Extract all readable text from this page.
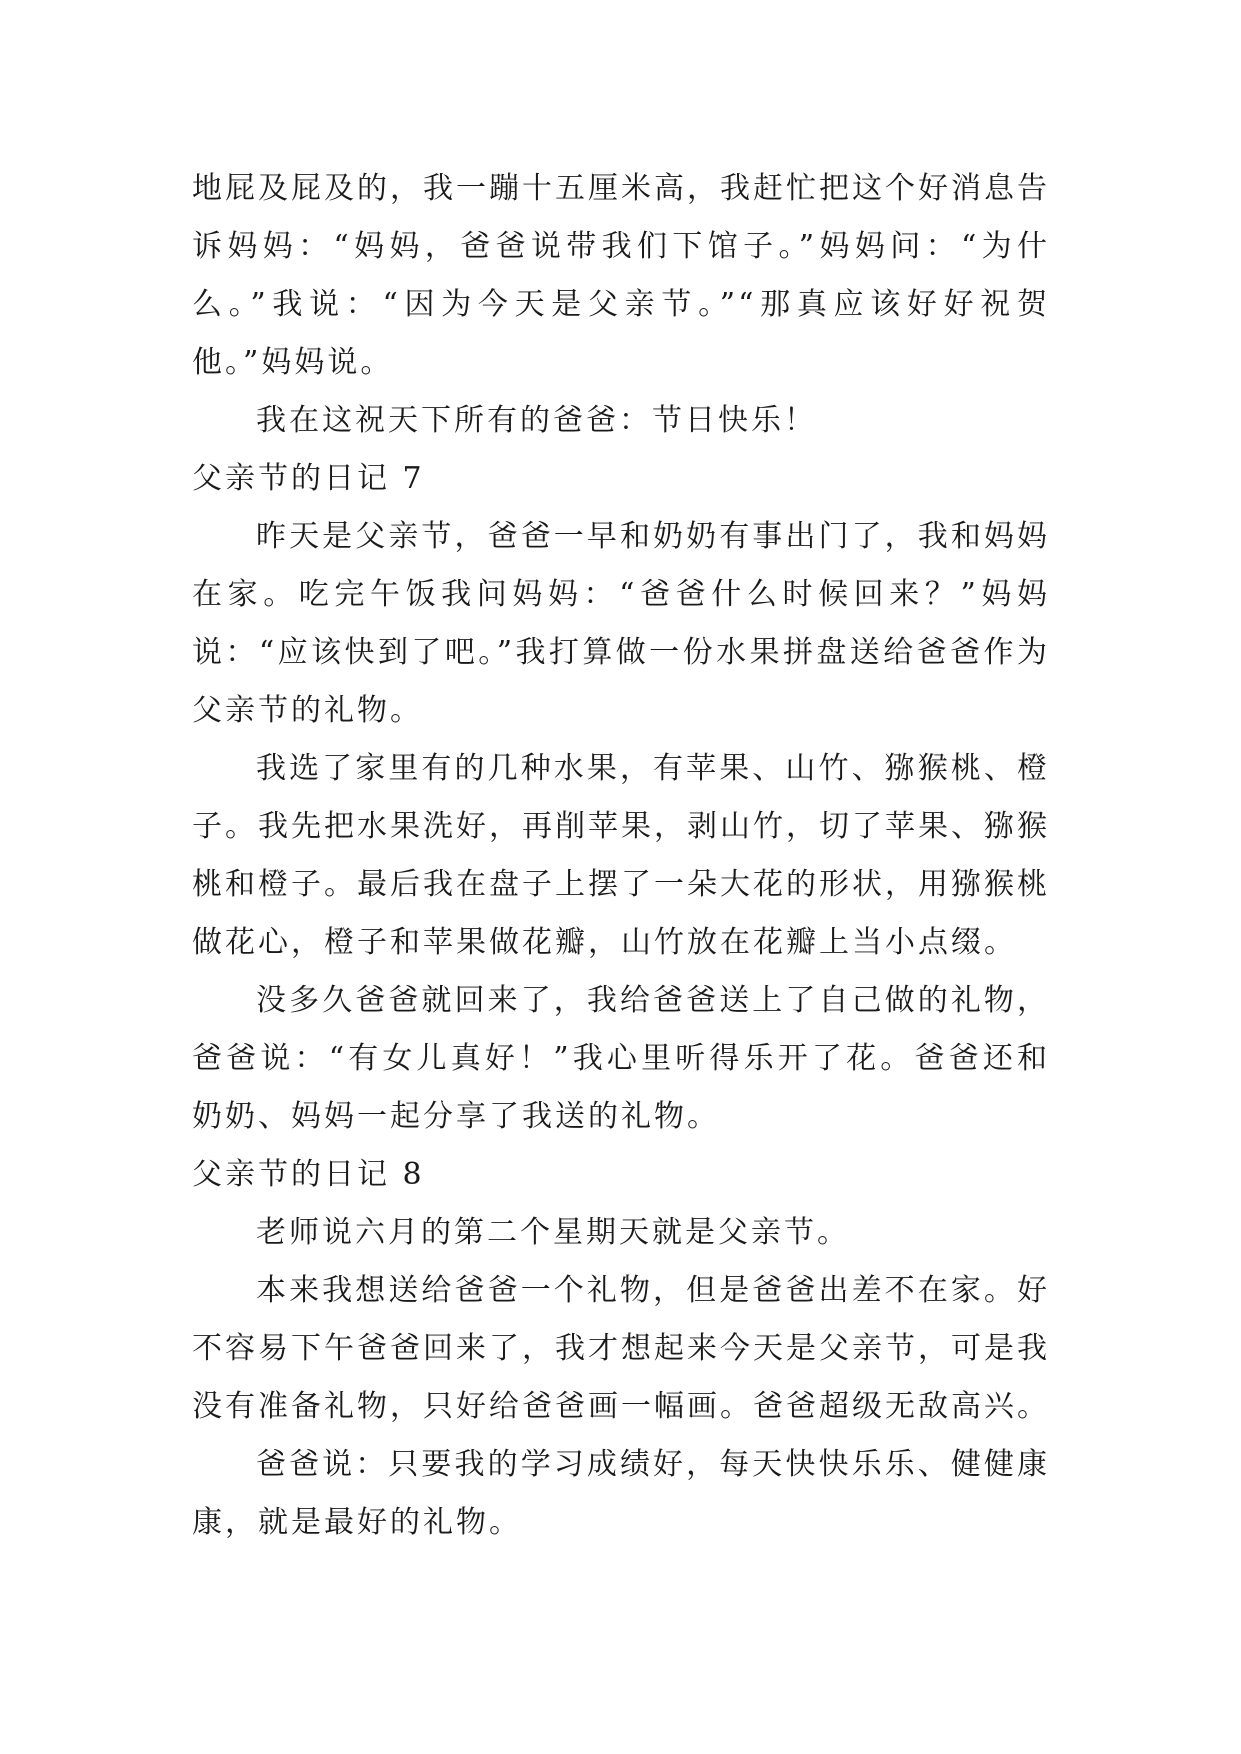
地屁及屁及的，我一蹦十五厘米高，我赶忙把这个好消息告诉妈妈：“妈妈，爸爸说带我们下馆子。”妈妈问：“为什么。”我说：“因为今天是父亲节。”“那真应该好好祝贺他。”妈妈说。

我在这祝天下所有的爸爸：节日快乐！

父亲节的日记 7

昨天是父亲节，爸爸一早和奶奶有事出门了，我和妈妈在家。吃完午饭我问妈妈：“爸爸什么时候回来？”妈妈说：“应该快到了吧。”我打算做一份水果拼盘送给爸爸作为父亲节的礼物。

我选了家里有的几种水果，有苹果、山竹、猕猴桃、橙子。我先把水果洗好，再削苹果，剥山竹，切了苹果、猕猴桃和橙子。最后我在盘子上摆了一朵大花的形状，用猕猴桃做花心，橙子和苹果做花瓣，山竹放在花瓣上当小点缀。

没多久爸爸就回来了，我给爸爸送上了自己做的礼物，爸爸说：“有女儿真好！”我心里听得乐开了花。爸爸还和奶奶、妈妈一起分享了我送的礼物。

父亲节的日记 8

老师说六月的第二个星期天就是父亲节。

本来我想送给爸爸一个礼物，但是爸爸出差不在家。好不容易下午爸爸回来了，我才想起来今天是父亲节，可是我没有准备礼物，只好给爸爸画一幅画。爸爸超级无敌高兴。

爸爸说：只要我的学习成绩好，每天快快乐乐、健健康康，就是最好的礼物。
